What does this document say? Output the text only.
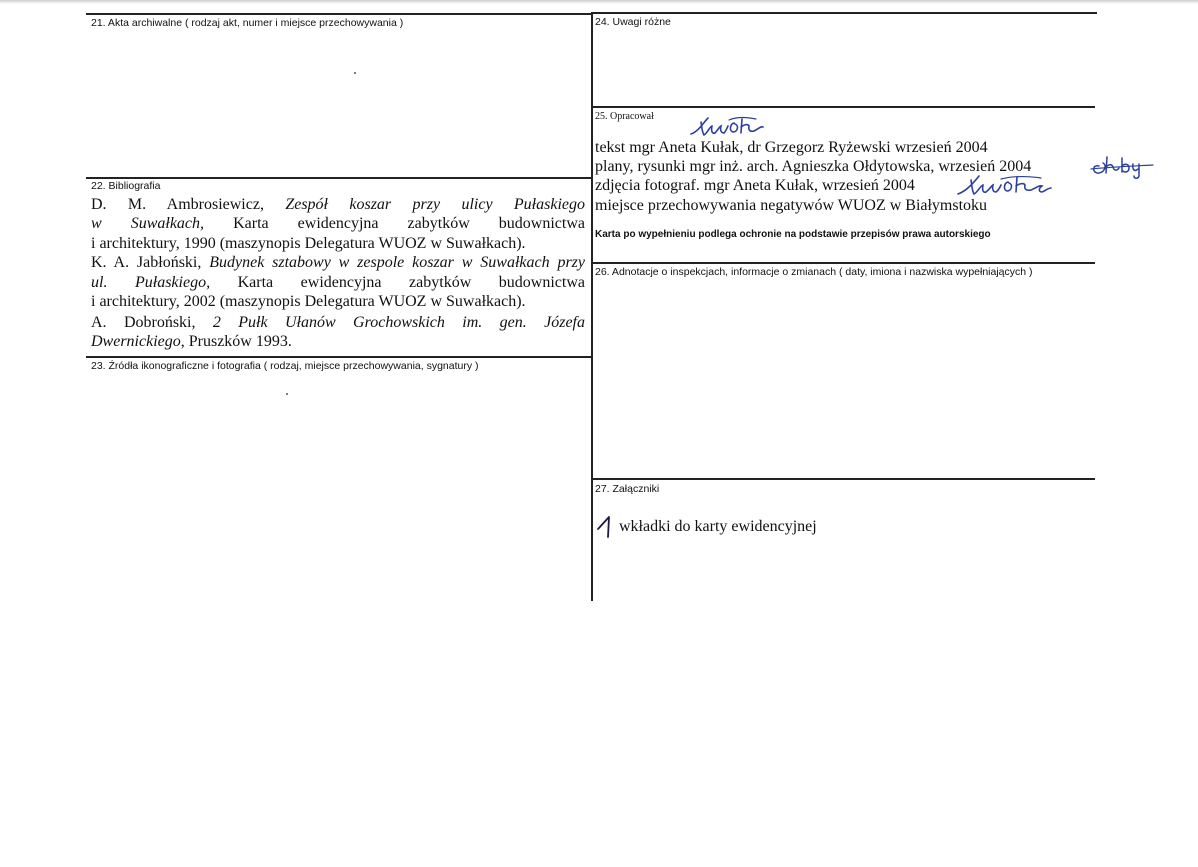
21. Akta archiwalne ( rodzaj akt, numer i miejsce przechowywania )
22. Bibliografia
D. M. Ambrosiewicz, Zespół koszar przy ulicy Pułaskiego
w Suwałkach, Karta ewidencyjna zabytków budownictwa
i architektury, 1990 (maszynopis Delegatura WUOZ w Suwałkach).
K. A. Jabłoński, Budynek sztabowy w zespole koszar w Suwałkach przy
ul. Pułaskiego, Karta ewidencyjna zabytków budownictwa
i architektury, 2002 (maszynopis Delegatura WUOZ w Suwałkach).
A. Dobroński, 2 Pułk Ułanów Grochowskich im. gen. Józefa
Dwernickiego, Pruszków 1993.
23. Źródła ikonograficzne i fotografia ( rodzaj, miejsce przechowywania, sygnatury )
24. Uwagi różne
25. Opracował
tekst mgr Aneta Kułak, dr Grzegorz Ryżewski wrzesień 2004
plany, rysunki mgr inż. arch. Agnieszka Ołdytowska, wrzesień 2004
zdjęcia fotograf. mgr Aneta Kułak, wrzesień 2004
miejsce przechowywania negatywów WUOZ w Białymstoku
Karta po wypełnieniu podlega ochronie na podstawie przepisów prawa autorskiego
26. Adnotacje o inspekcjach, informacje o zmianach ( daty, imiona i nazwiska wypełniających )
27. Załączniki
wkładki do karty ewidencyjnej
